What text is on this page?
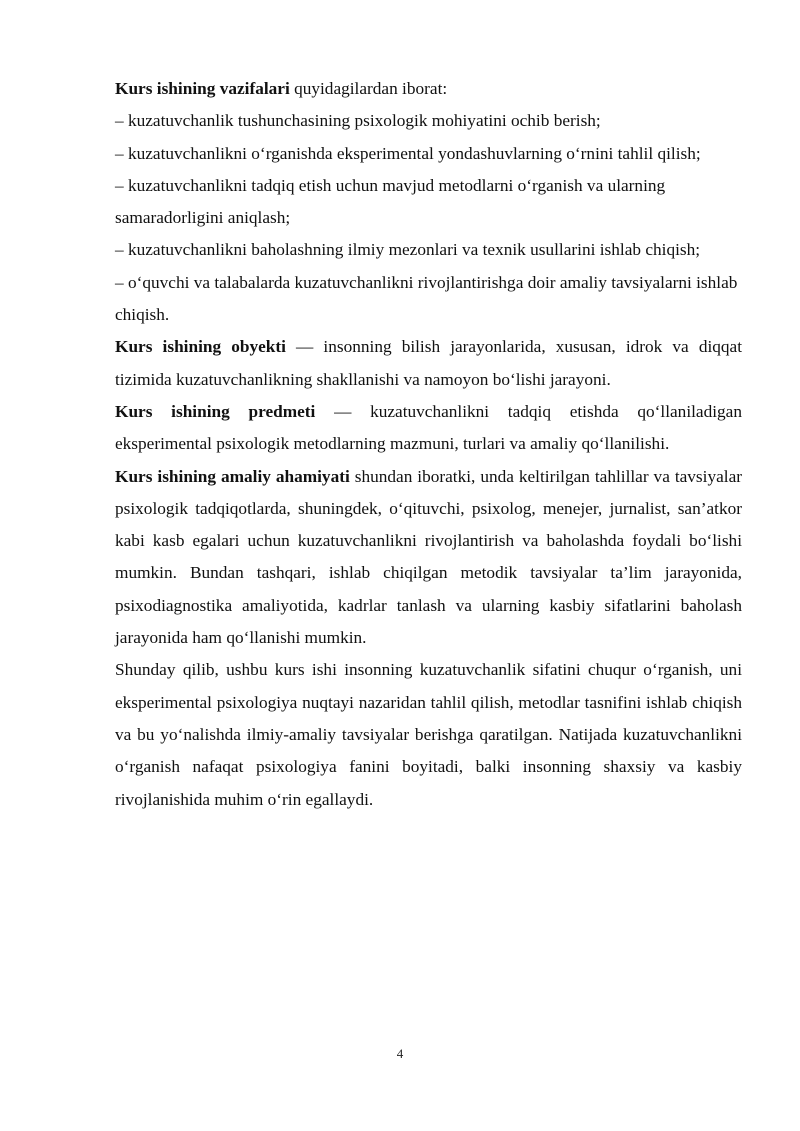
Kurs ishining vazifalari quyidagilardan iborat:

– kuzatuvchanlik tushunchasining psixologik mohiyatini ochib berish;

– kuzatuvchanlikni o‘rganishda eksperimental yondashuvlarning o‘rnini tahlil qilish;

– kuzatuvchanlikni tadqiq etish uchun mavjud metodlarni o‘rganish va ularning samaradorligini aniqlash;

– kuzatuvchanlikni baholashning ilmiy mezonlari va texnik usullarini ishlab chiqish;

– o‘quvchi va talabalarda kuzatuvchanlikni rivojlantirishga doir amaliy tavsiyalarni ishlab chiqish.

Kurs ishining obyekti — insonning bilish jarayonlarida, xususan, idrok va diqqat tizimida kuzatuvchanlikning shakllanishi va namoyon bo‘lishi jarayoni.

Kurs ishining predmeti — kuzatuvchanlikni tadqiq etishda qo‘llaniladigan eksperimental psixologik metodlarning mazmuni, turlari va amaliy qo‘llanilishi.

Kurs ishining amaliy ahamiyati shundan iboratki, unda keltirilgan tahlillar va tavsiyalar psixologik tadqiqotlarda, shuningdek, o‘qituvchi, psixolog, menejer, jurnalist, san’atkor kabi kasb egalari uchun kuzatuvchanlikni rivojlantirish va baholashda foydali bo‘lishi mumkin. Bundan tashqari, ishlab chiqilgan metodik tavsiyalar ta’lim jarayonida, psixodiagnostika amaliyotida, kadrlar tanlash va ularning kasbiy sifatlarini baholash jarayonida ham qo‘llanishi mumkin.

Shunday qilib, ushbu kurs ishi insonning kuzatuvchanlik sifatini chuqur o‘rganish, uni eksperimental psixologiya nuqtayi nazaridan tahlil qilish, metodlar tasnifini ishlab chiqish va bu yo‘nalishda ilmiy-amaliy tavsiyalar berishga qaratilgan. Natijada kuzatuvchanlikni o‘rganish nafaqat psixologiya fanini boyitadi, balki insonning shaxsiy va kasbiy rivojlanishida muhim o‘rin egallaydi.

4
